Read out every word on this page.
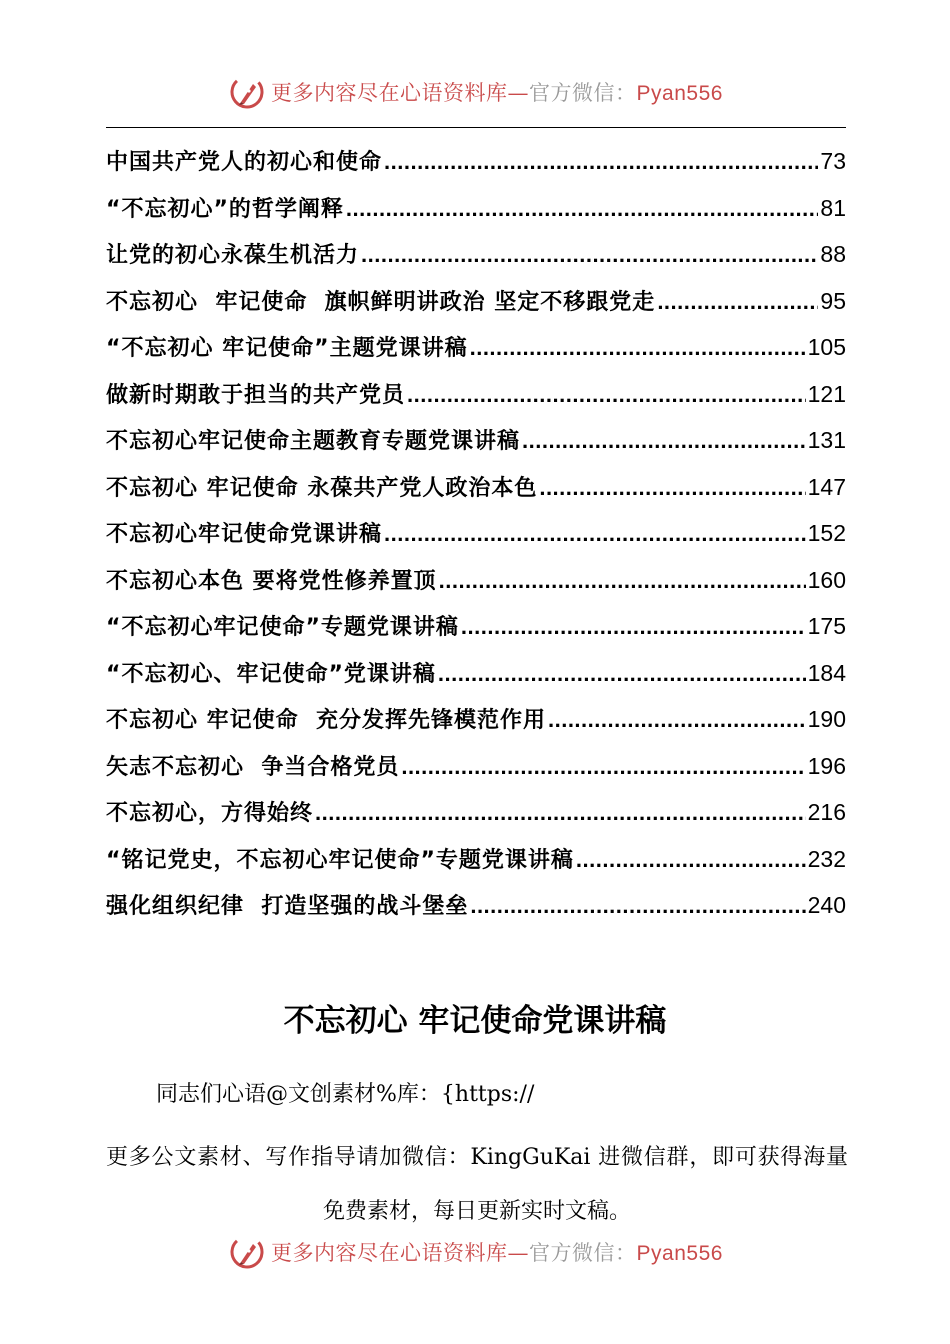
更多内容尽在心语资料库—官方微信：Pyan556
中国共产党人的初心和使命 .....	73
“不忘初心”的哲学阐释 .....	81
让党的初心永葆生机活力 .....	88
不忘初心  牢记使命  旗帜鲜明讲政治 坚定不移跟党走 .....	95
“不忘初心 牢记使命”主题党课讲稿 .....	105
做新时期敢于担当的共产党员 .....	121
不忘初心牢记使命主题教育专题党课讲稿 .....	131
不忘初心 牢记使命 永葆共产党人政治本色 .....	147
不忘初心牢记使命党课讲稿 .....	152
不忘初心本色 要将党性修养置顶 .....	160
“不忘初心牢记使命”专题党课讲稿 .....	175
“不忘初心、牢记使命”党课讲稿 .....	184
不忘初心 牢记使命  充分发挥先锋模范作用 .....	190
矢志不忘初心  争当合格党员 .....	196
不忘初心，方得始终 .....	216
“铭记党史，不忘初心牢记使命”专题党课讲稿 .....	232
强化组织纪律  打造坚强的战斗堡垒 .....	240
不忘初心 牢记使命党课讲稿
同志们心语@文创素材%库：{https://
更多公文素材、写作指导请加微信：KingGuKai 进微信群，即可获得海量免费素材，每日更新实时文稿。
更多内容尽在心语资料库—官方微信：Pyan556
